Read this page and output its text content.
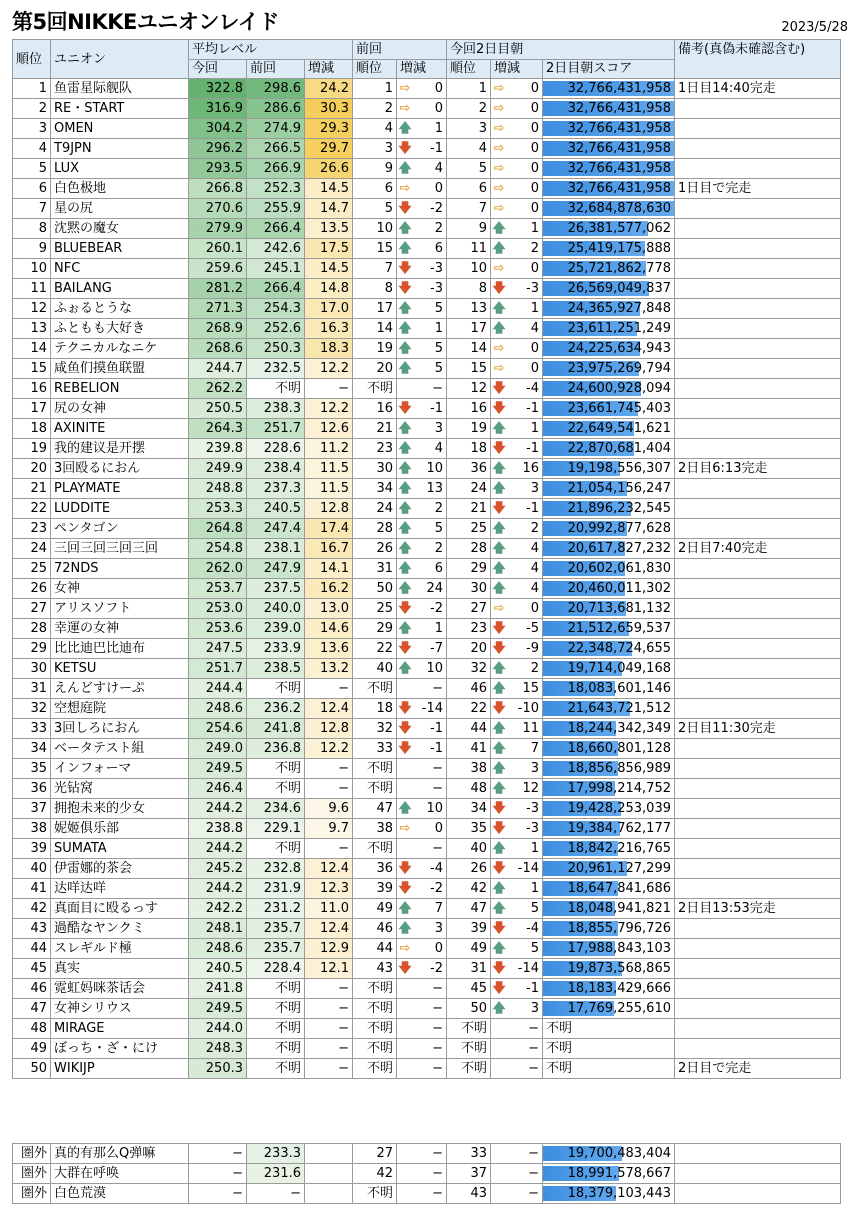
第5回NIKKEユニオンレイド	2023/5/28
順位	ユニオン	平均レベル			前回		今回2日目朝			備考(真偽未確認含む)
		今回	前回	増減	順位	増減	順位	増減	2日目朝スコア	
1	鱼雷星际舰队	322.8	298.6	24.2	1	⇨ 0	1	⇨ 0	32,766,431,958	1日目14:40完走
2	RE・START	316.9	286.6	30.3	2	⇨ 0	2	⇨ 0	32,766,431,958	
3	OMEN	304.2	274.9	29.3	4	🡅 1	3	⇨ 0	32,766,431,958	
4	T9JPN	296.2	266.5	29.7	3	🡇 -1	4	⇨ 0	32,766,431,958	
5	LUX	293.5	266.9	26.6	9	🡅 4	5	⇨ 0	32,766,431,958	
6	白色极地	266.8	252.3	14.5	6	⇨ 0	6	⇨ 0	32,766,431,958	1日目で完走
7	星の尻	270.6	255.9	14.7	5	🡇 -2	7	⇨ 0	32,684,878,630	
8	沈黙の魔女	279.9	266.4	13.5	10	🡅 2	9	🡅 1	26,381,577,062	
9	BLUEBEAR	260.1	242.6	17.5	15	🡅 6	11	🡅 2	25,419,175,888	
10	NFC	259.6	245.1	14.5	7	🡇 -3	10	⇨ 0	25,721,862,778	
11	BAILANG	281.2	266.4	14.8	8	🡇 -3	8	🡇 -3	26,569,049,837	
12	ふぉるとうな	271.3	254.3	17.0	17	🡅 5	13	🡅 1	24,365,927,848	
13	ふともも大好き	268.9	252.6	16.3	14	🡅 1	17	🡅 4	23,611,251,249	
14	テクニカルなニケ	268.6	250.3	18.3	19	🡅 5	14	⇨ 0	24,225,634,943	
15	咸鱼们摸鱼联盟	244.7	232.5	12.2	20	🡅 5	15	⇨ 0	23,975,269,794	
16	REBELION	262.2	不明	−	不明	−	12	🡇 -4	24,600,928,094	
17	尻の女神	250.5	238.3	12.2	16	🡇 -1	16	🡇 -1	23,661,745,403	
18	AXINITE	264.3	251.7	12.6	21	🡅 3	19	🡅 1	22,649,541,621	
19	我的建议是开摆	239.8	228.6	11.2	23	🡅 4	18	🡇 -1	22,870,681,404	
20	3回殴るにおん	249.9	238.4	11.5	30	🡅 10	36	🡅 16	19,198,556,307	2日目6:13完走
21	PLAYMATE	248.8	237.3	11.5	34	🡅 13	24	🡅 3	21,054,156,247	
22	LUDDITE	253.3	240.5	12.8	24	🡅 2	21	🡇 -1	21,896,232,545	
23	ペンタゴン	264.8	247.4	17.4	28	🡅 5	25	🡅 2	20,992,877,628	
24	三回三回三回三回	254.8	238.1	16.7	26	🡅 2	28	🡅 4	20,617,827,232	2日目7:40完走
25	72NDS	262.0	247.9	14.1	31	🡅 6	29	🡅 4	20,602,061,830	
26	女神	253.7	237.5	16.2	50	🡅 24	30	🡅 4	20,460,011,302	
27	アリスソフト	253.0	240.0	13.0	25	🡇 -2	27	⇨ 0	20,713,681,132	
28	幸運の女神	253.6	239.0	14.6	29	🡅 1	23	🡇 -5	21,512,659,537	
29	比比迪巴比迪布	247.5	233.9	13.6	22	🡇 -7	20	🡇 -9	22,348,724,655	
30	KETSU	251.7	238.5	13.2	40	🡅 10	32	🡅 2	19,714,049,168	
31	えんどすけーぷ	244.4	不明	−	不明	−	46	🡅 15	18,083,601,146	
32	空想庭院	248.6	236.2	12.4	18	🡇 -14	22	🡇 -10	21,643,721,512	
33	3回しろにおん	254.6	241.8	12.8	32	🡇 -1	44	🡅 11	18,244,342,349	2日目11:30完走
34	ベータテスト組	249.0	236.8	12.2	33	🡇 -1	41	🡅 7	18,660,801,128	
35	インフォーマ	249.5	不明	−	不明	−	38	🡅 3	18,856,856,989	
36	光钻窝	246.4	不明	−	不明	−	48	🡅 12	17,998,214,752	
37	拥抱未来的少女	244.2	234.6	9.6	47	🡅 10	34	🡇 -3	19,428,253,039	
38	妮姬俱乐部	238.8	229.1	9.7	38	⇨ 0	35	🡇 -3	19,384,762,177	
39	SUMATA	244.2	不明	−	不明	−	40	🡅 1	18,842,216,765	
40	伊雷娜的茶会	245.2	232.8	12.4	36	🡇 -4	26	🡇 -14	20,961,127,299	
41	达咩达咩	244.2	231.9	12.3	39	🡇 -2	42	🡅 1	18,647,841,686	
42	真面目に殴るっす	242.2	231.2	11.0	49	🡅 7	47	🡅 5	18,048,941,821	2日目13:53完走
43	過酷なヤンクミ	248.1	235.7	12.4	46	🡅 3	39	🡇 -4	18,855,796,726	
44	スレギルド極	248.6	235.7	12.9	44	⇨ 0	49	🡅 5	17,988,843,103	
45	真实	240.5	228.4	12.1	43	🡇 -2	31	🡇 -14	19,873,568,865	
46	霓虹妈咪茶话会	241.8	不明	−	不明	−	45	🡇 -1	18,183,429,666	
47	女神シリウス	249.5	不明	−	不明	−	50	🡅 3	17,769,255,610	
48	MIRAGE	244.0	不明	−	不明	−	不明	−	不明	
49	ぼっち・ざ・にけ	248.3	不明	−	不明	−	不明	−	不明	
50	WIKIJP	250.3	不明	−	不明	−	不明	−	不明	2日目で完走
圏外	真的有那么Q弹嘛	−	233.3		27	−	33	−	19,700,483,404	
圏外	大群在呼唤	−	231.6		42	−	37	−	18,991,578,667	
圏外	白色荒漠	−	−		不明	−	43	−	18,379,103,443	
